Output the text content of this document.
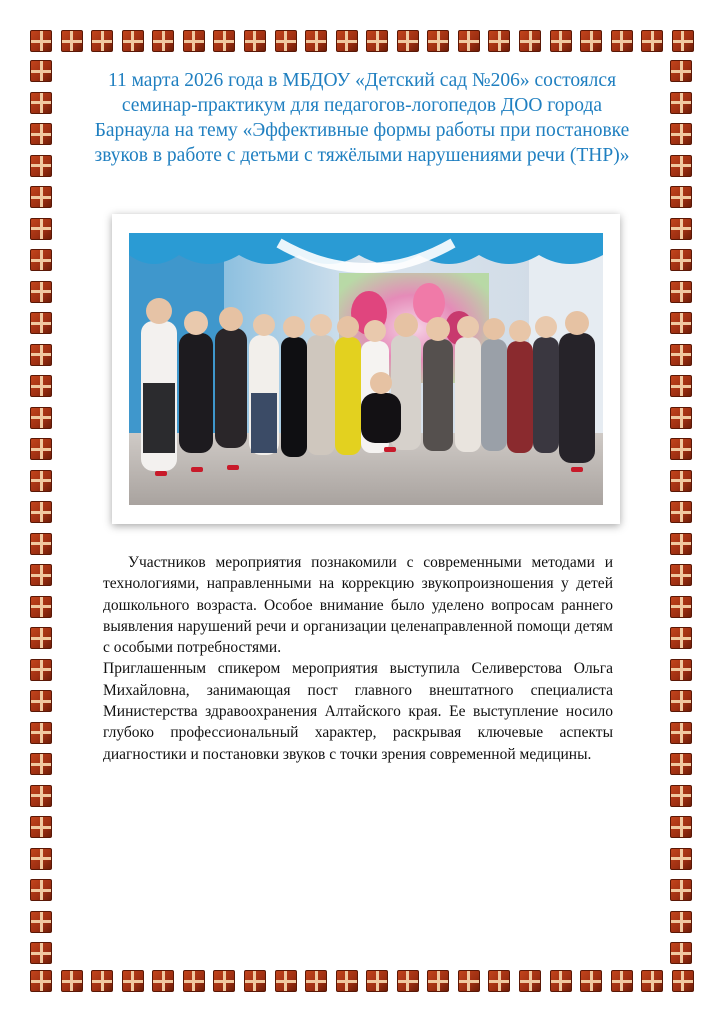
11 марта 2026 года в МБДОУ «Детский сад №206» состоялся семинар-практикум для педагогов-логопедов ДОО города Барнаула на тему «Эффективные формы работы при постановке звуков в работе с детьми с тяжёлыми нарушениями речи (ТНР)»

Участников мероприятия познакомили с современными методами и технологиями, направленными на коррекцию звукопроизношения у детей дошкольного возраста. Особое внимание было уделено вопросам раннего выявления нарушений речи и организации целенаправленной помощи детям с особыми потребностями.

Приглашенным спикером мероприятия выступила Селиверстова Ольга Михайловна, занимающая пост главного внештатного специалиста Министерства здравоохранения Алтайского края. Ее выступление носило глубоко профессиональный характер, раскрывая ключевые аспекты диагностики и постановки звуков с точки зрения современной медицины.
